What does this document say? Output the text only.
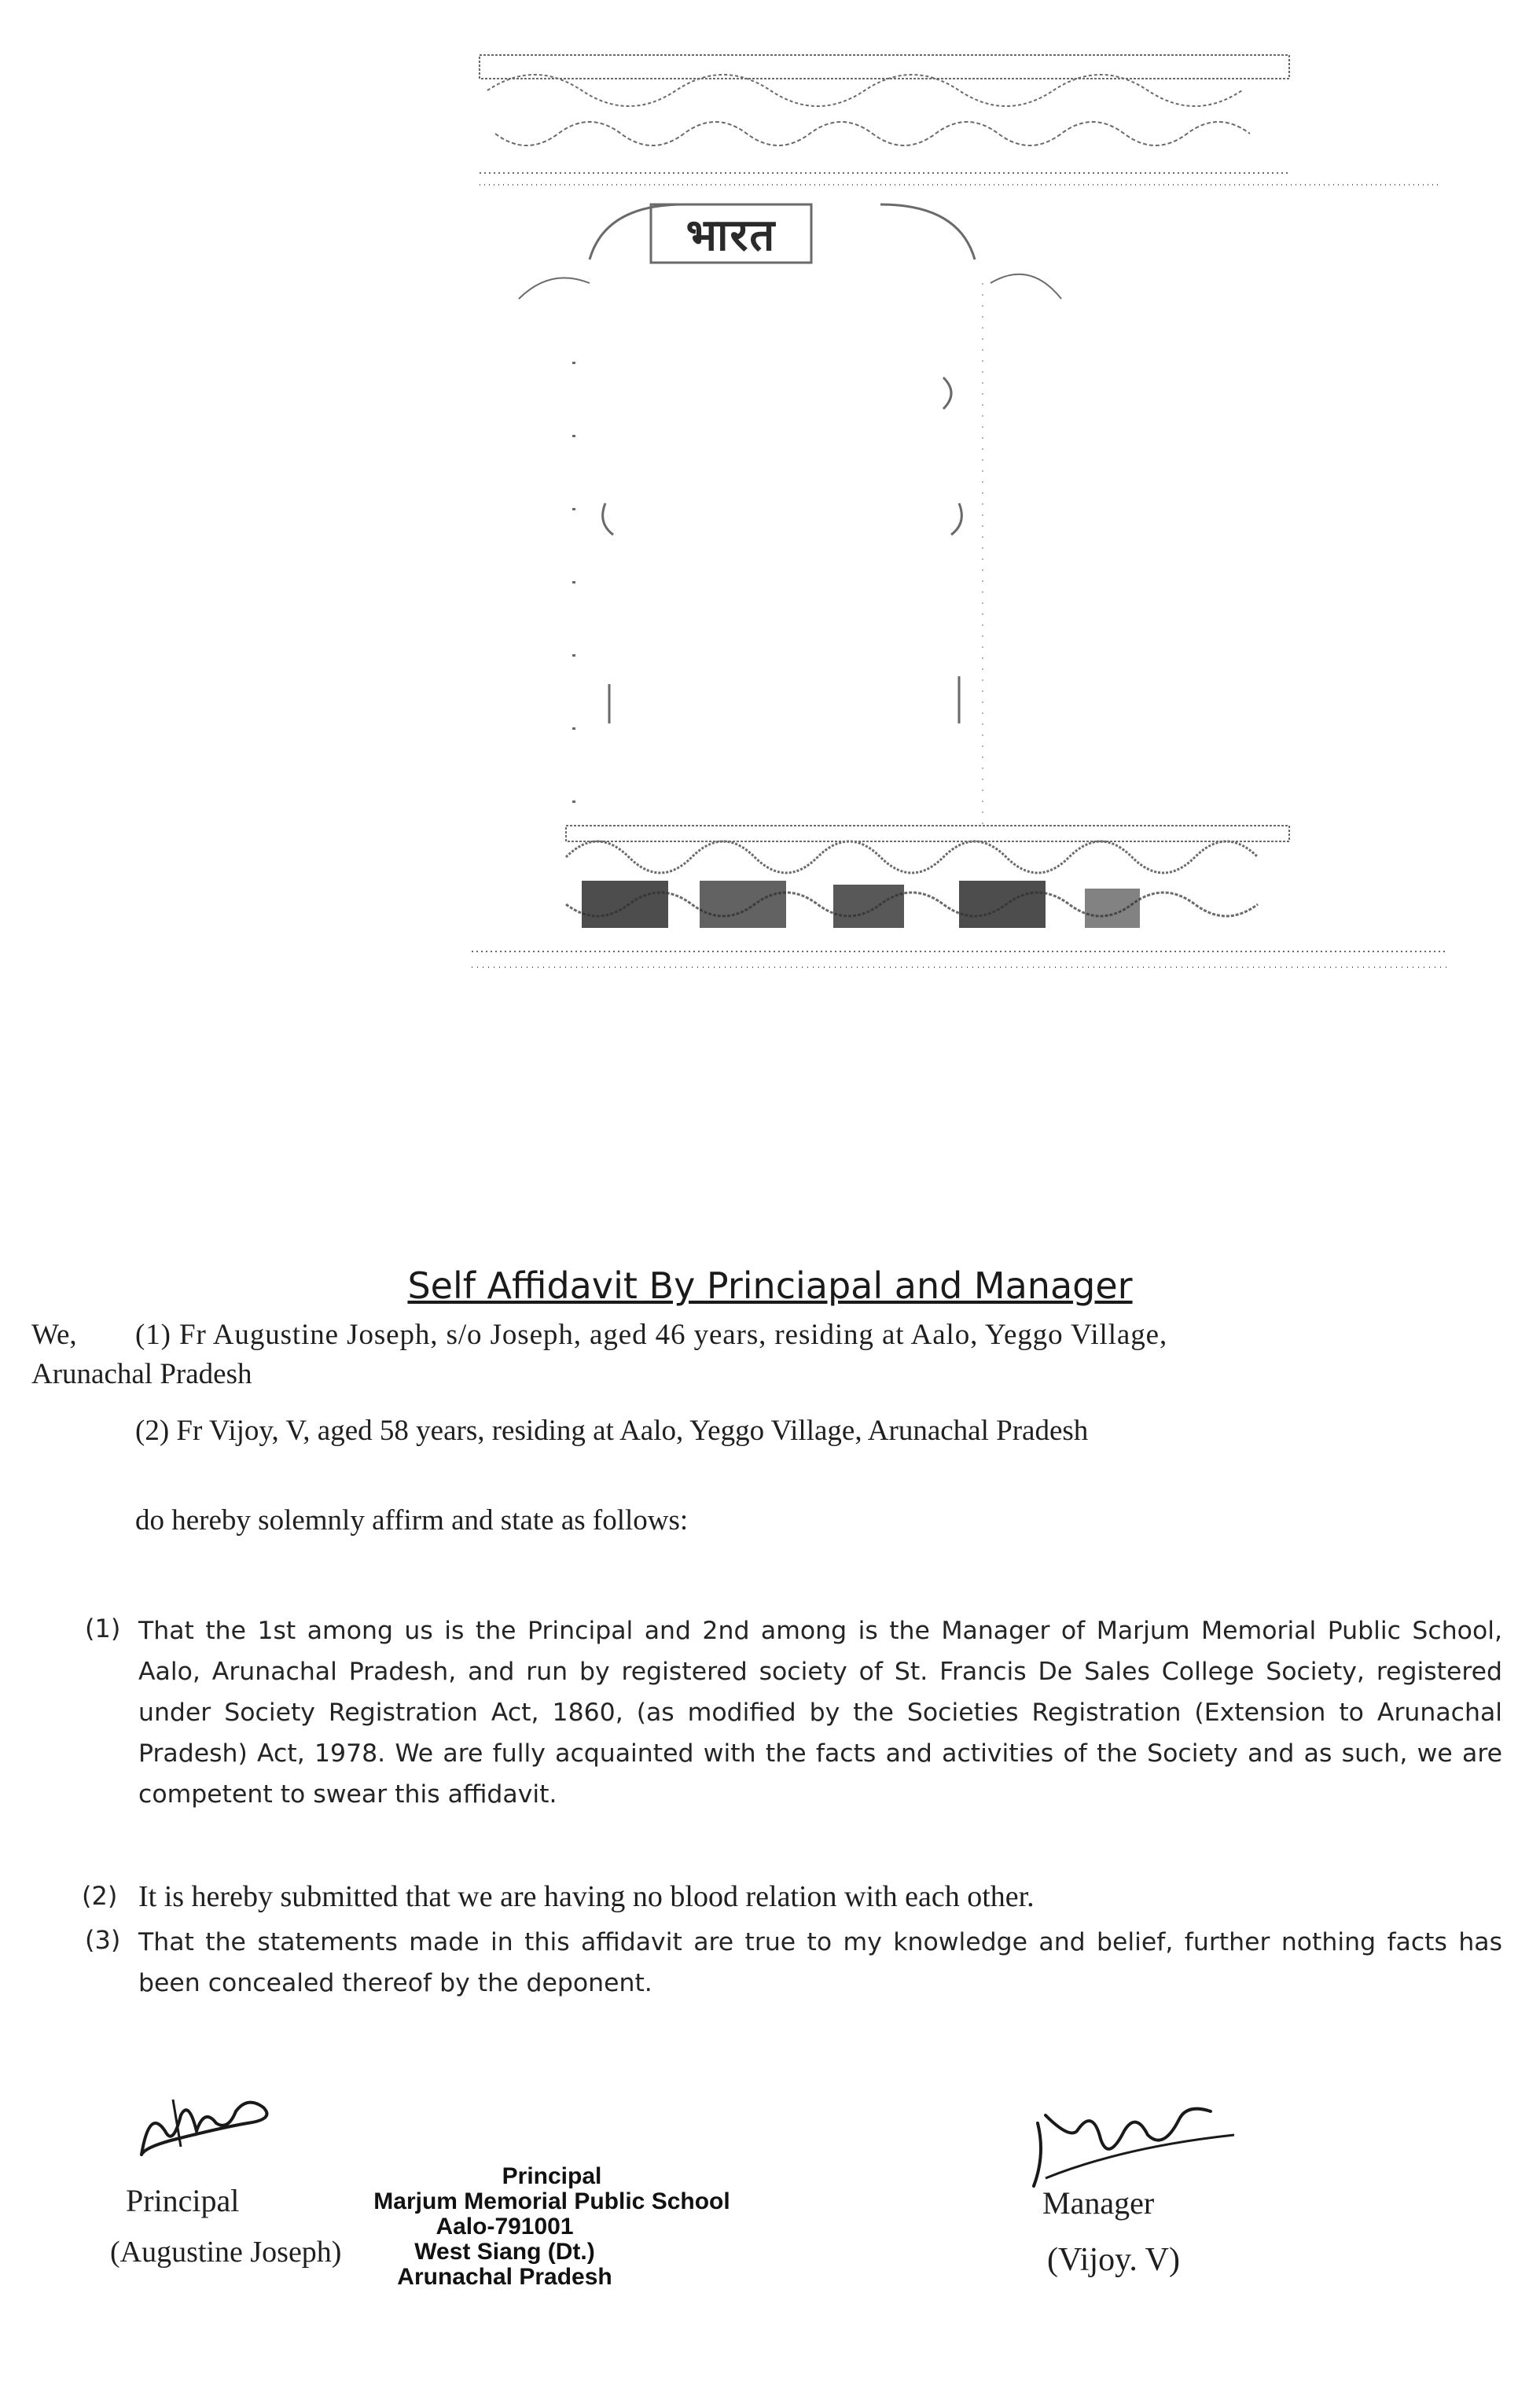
भारत
Self Affidavit By Princiapal and Manager
We, (1) Fr Augustine Joseph, s/o Joseph, aged 46 years, residing at Aalo, Yeggo Village,
Arunachal Pradesh
(2) Fr Vijoy, V, aged 58 years, residing at Aalo, Yeggo Village, Arunachal Pradesh
do hereby solemnly affirm and state as follows:
(1) That the 1st among us is the Principal and 2nd among is the Manager of Marjum Memorial Public School, Aalo, Arunachal Pradesh, and run by registered society of St. Francis De Sales College Society, registered under Society Registration Act, 1860, (as modified by the Societies Registration (Extension to Arunachal Pradesh) Act, 1978. We are fully acquainted with the facts and activities of the Society and as such, we are competent to swear this affidavit.
(2) It is hereby submitted that we are having no blood relation with each other.
(3) That the statements made in this affidavit are true to my knowledge and belief, further nothing facts has been concealed thereof by the deponent.
Principal
(Augustine Joseph)
Principal
Marjum Memorial Public School
Aalo-791001
West Siang (Dt.)
Arunachal Pradesh
Manager
(Vijoy. V)
